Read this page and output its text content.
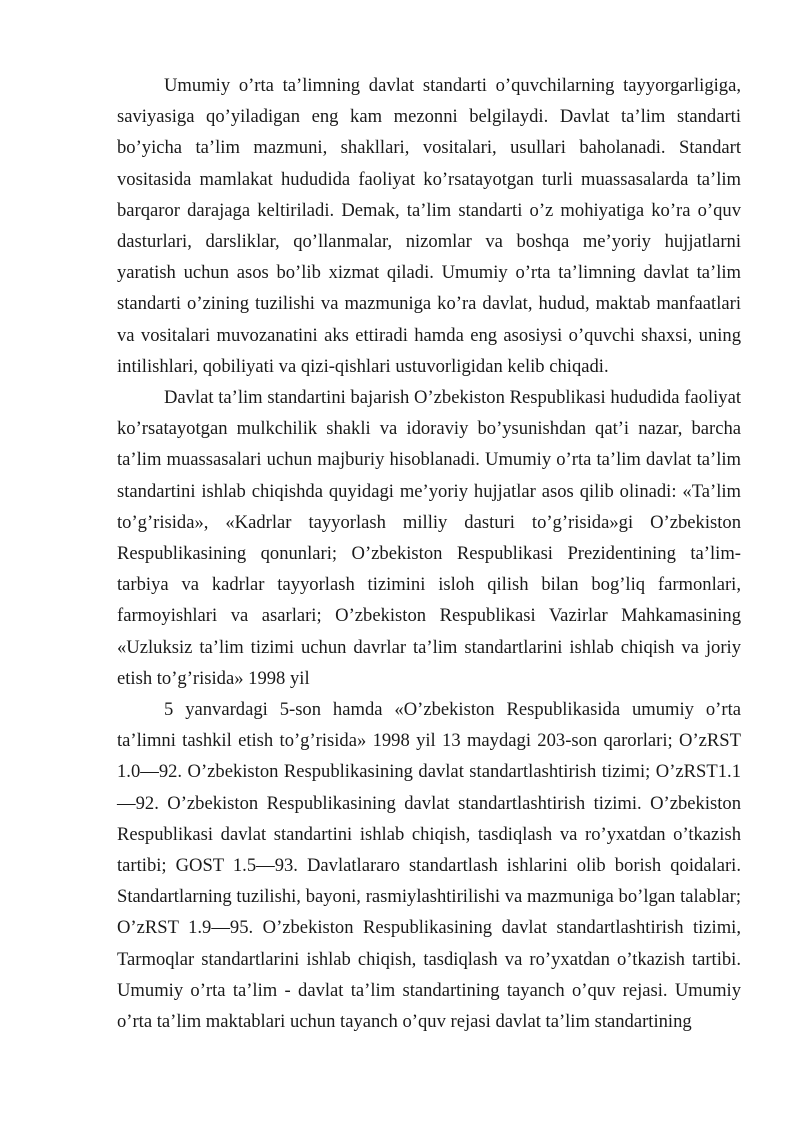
Umumiy o’rta ta’limning davlat standarti o’quvchilarning tayyorgarligiga, saviyasiga qo’yiladigan eng kam mezonni belgilaydi. Davlat ta’lim standarti bo’yicha ta’lim mazmuni, shakllari, vositalari, usullari baholanadi. Standart vositasida mamlakat hududida faoliyat ko’rsatayotgan turli muassasalarda ta’lim barqaror darajaga keltiriladi. Demak, ta’lim standarti o’z mohiyatiga ko’ra o’quv dasturlari, darsliklar, qo’llanmalar, nizomlar va boshqa me’yoriy hujjatlarni yaratish uchun asos bo’lib xizmat qiladi. Umumiy o’rta ta’limning davlat ta’lim standarti o’zining tuzilishi va mazmuniga ko’ra davlat, hudud, maktab manfaatlari va vositalari muvozanatini aks ettiradi hamda eng asosiysi o’quvchi shaxsi, uning intilishlari, qobiliyati va qizi-qishlari ustuvorligidan kelib chiqadi.

Davlat ta’lim standartini bajarish O’zbekiston Respublikasi hududida faoliyat ko’rsatayotgan mulkchilik shakli va idoraviy bo’ysunishdan qat’i nazar, barcha ta’lim muassasalari uchun majburiy hisoblanadi. Umumiy o’rta ta’lim davlat ta’lim standartini ishlab chiqishda quyidagi me’yoriy hujjatlar asos qilib olinadi: «Ta’lim to’g’risida», «Kadrlar tayyorlash milliy dasturi to’g’risida»gi O’zbekiston Respublikasining qonunlari; O’zbekiston Respublikasi Prezidentining ta’lim-tarbiya va kadrlar tayyorlash tizimini isloh qilish bilan bog’liq farmonlari, farmoyishlari va asarlari; O’zbekiston Respublikasi Vazirlar Mahkamasining «Uzluksiz ta’lim tizimi uchun davrlar ta’lim standartlarini ishlab chiqish va joriy etish to’g’risida» 1998 yil

5 yanvardagi 5-son hamda «O’zbekiston Respublikasida umumiy o’rta ta’limni tashkil etish to’g’risida» 1998 yil 13 maydagi 203-son qarorlari; O’zRST 1.0—92. O’zbekiston Respublikasining davlat standartlashtirish tizimi; O’zRST1.1 —92. O’zbekiston Respublikasining davlat standartlashtirish tizimi. O’zbekiston Respublikasi davlat standartini ishlab chiqish, tasdiqlash va ro’yxatdan o’tkazish tartibi; GOST 1.5—93. Davlatlararo standartlash ishlarini olib borish qoidalari. Standartlarning tuzilishi, bayoni, rasmiylashtirilishi va mazmuniga bo’lgan talablar; O’zRST 1.9—95. O’zbekiston Respublikasining davlat standartlashtirish tizimi, Tarmoqlar standartlarini ishlab chiqish, tasdiqlash va ro’yxatdan o’tkazish tartibi. Umumiy o’rta ta’lim - davlat ta’lim standartining tayanch o’quv rejasi. Umumiy o’rta ta’lim maktablari uchun tayanch o’quv rejasi davlat ta’lim standartining
